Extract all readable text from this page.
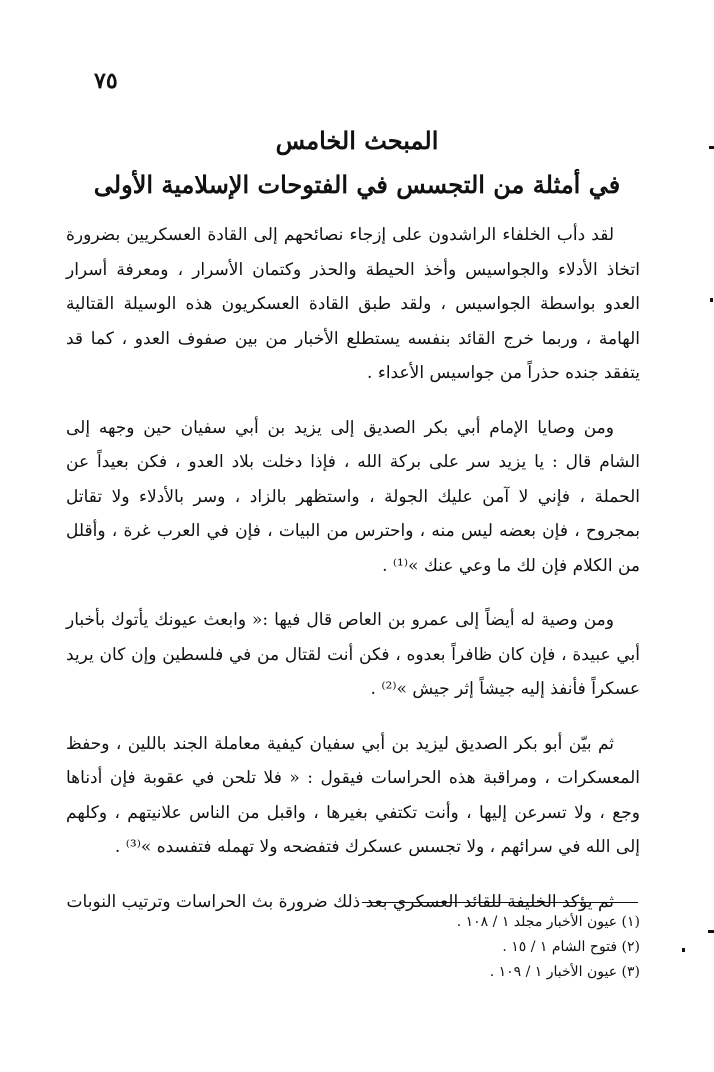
٧٥
المبحث الخامس
في أمثلة من التجسس في الفتوحات الإسلامية الأولى

لقد دأب الخلفاء الراشدون على إزجاء نصائحهم إلى القادة العسكريين بضرورة اتخاذ الأدلاء والجواسيس وأخذ الحيطة والحذر وكتمان الأسرار ، ومعرفة أسرار العدو بواسطة الجواسيس ، ولقد طبق القادة العسكريون هذه الوسيلة القتالية الهامة ، وربما خرج القائد بنفسه يستطلع الأخبار من بين صفوف العدو ، كما قد يتفقد جنده حذراً من جواسيس الأعداء .

ومن وصايا الإمام أبي بكر الصديق إلى يزيد بن أبي سفيان حين وجهه إلى الشام قال : يا يزيد سر على بركة الله ، فإذا دخلت بلاد العدو ، فكن بعيداً عن الحملة ، فإني لا آمن عليك الجولة ، واستظهر بالزاد ، وسر بالأدلاء ولا تقاتل بمجروح ، فإن بعضه ليس منه ، واحترس من البيات ، فإن في العرب غرة ، وأقلل من الكلام فإن لك ما وعي عنك »⁽¹⁾ .

ومن وصية له أيضاً إلى عمرو بن العاص قال فيها :« وابعث عيونك يأتوك بأخبار أبي عبيدة ، فإن كان ظافراً بعدوه ، فكن أنت لقتال من في فلسطين وإن كان يريد عسكراً فأنفذ إليه جيشاً إثر جيش »⁽²⁾ .

ثم بيّن أبو بكر الصديق ليزيد بن أبي سفيان كيفية معاملة الجند باللين ، وحفظ المعسكرات ، ومراقبة هذه الحراسات فيقول : « فلا تلحن في عقوبة فإن أدناها وجع ، ولا تسرعن إليها ، وأنت تكتفي بغيرها ، واقبل من الناس علانيتهم ، وكلهم إلى الله في سرائهم ، ولا تجسس عسكرك فتفضحه ولا تهمله فتفسده »⁽³⁾ .

ثم يؤكد الخليفة للقائد العسكري بعد ذلك ضرورة بث الحراسات وترتيب النوبات

(١) عيون الأخبار مجلد ١ / ١٠٨ .
(٢) فتوح الشام ١ / ١٥ .
(٣) عيون الأخبار ١ / ١٠٩ .
